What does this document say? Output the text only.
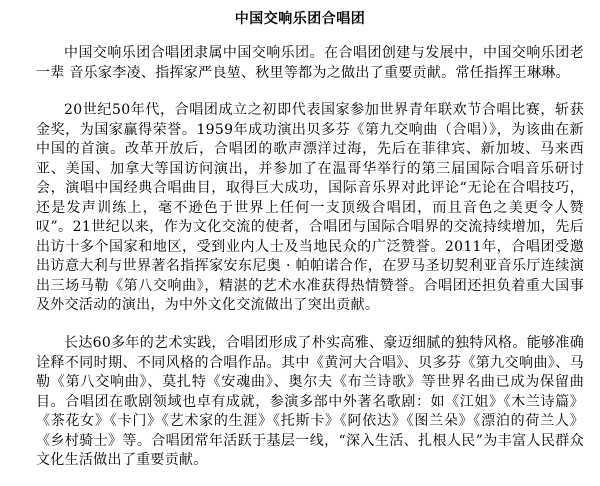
中国交响乐团合唱团

中国交响乐团合唱团隶属中国交响乐团。在合唱团创建与发展中，中国交响乐团老一辈 音乐家李凌、指挥家严良堃、秋里等都为之做出了重要贡献。常任指挥王琳琳。

20世纪50年代，合唱团成立之初即代表国家参加世界青年联欢节合唱比赛，斩获金奖，为国家赢得荣誉。1959年成功演出贝多芬《第九交响曲（合唱）》，为该曲在新中国的首演。改革开放后，合唱团的歌声漂洋过海，先后在菲律宾、新加坡、马来西亚、美国、加拿大等国访问演出，并参加了在温哥华举行的第三届国际合唱音乐研讨会，演唱中国经典合唱曲目，取得巨大成功，国际音乐界对此评论“无论在合唱技巧，还是发声训练上，毫不逊色于世界上任何一支顶级合唱团，而且音色之美更令人赞叹”。21世纪以来，作为文化交流的使者，合唱团与国际合唱界的交流持续增加，先后出访十多个国家和地区，受到业内人士及当地民众的广泛赞誉。2011年，合唱团受邀出访意大利与世界著名指挥家安东尼奥 · 帕帕诺合作，在罗马圣切契利亚音乐厅连续演出三场马勒《第八交响曲》，精湛的艺术水准获得热情赞誉。合唱团还担负着重大国事及外交活动的演出，为中外文化交流做出了突出贡献。

长达60多年的艺术实践，合唱团形成了朴实高雅、豪迈细腻的独特风格。能够准确诠释不同时期、不同风格的合唱作品。其中《黄河大合唱》、贝多芬《第九交响曲》、马勒《第八交响曲》、莫扎特《安魂曲》、奥尔夫《布兰诗歌》等世界名曲已成为保留曲目。合唱团在歌剧领域也卓有成就，参演多部中外著名歌剧：如《江姐》《木兰诗篇》《茶花女》《卡门》《艺术家的生涯》《托斯卡》《阿依达》《图兰朵》《漂泊的荷兰人》《乡村骑士》等。合唱团常年活跃于基层一线，“深入生活、扎根人民”为丰富人民群众文化生活做出了重要贡献。
